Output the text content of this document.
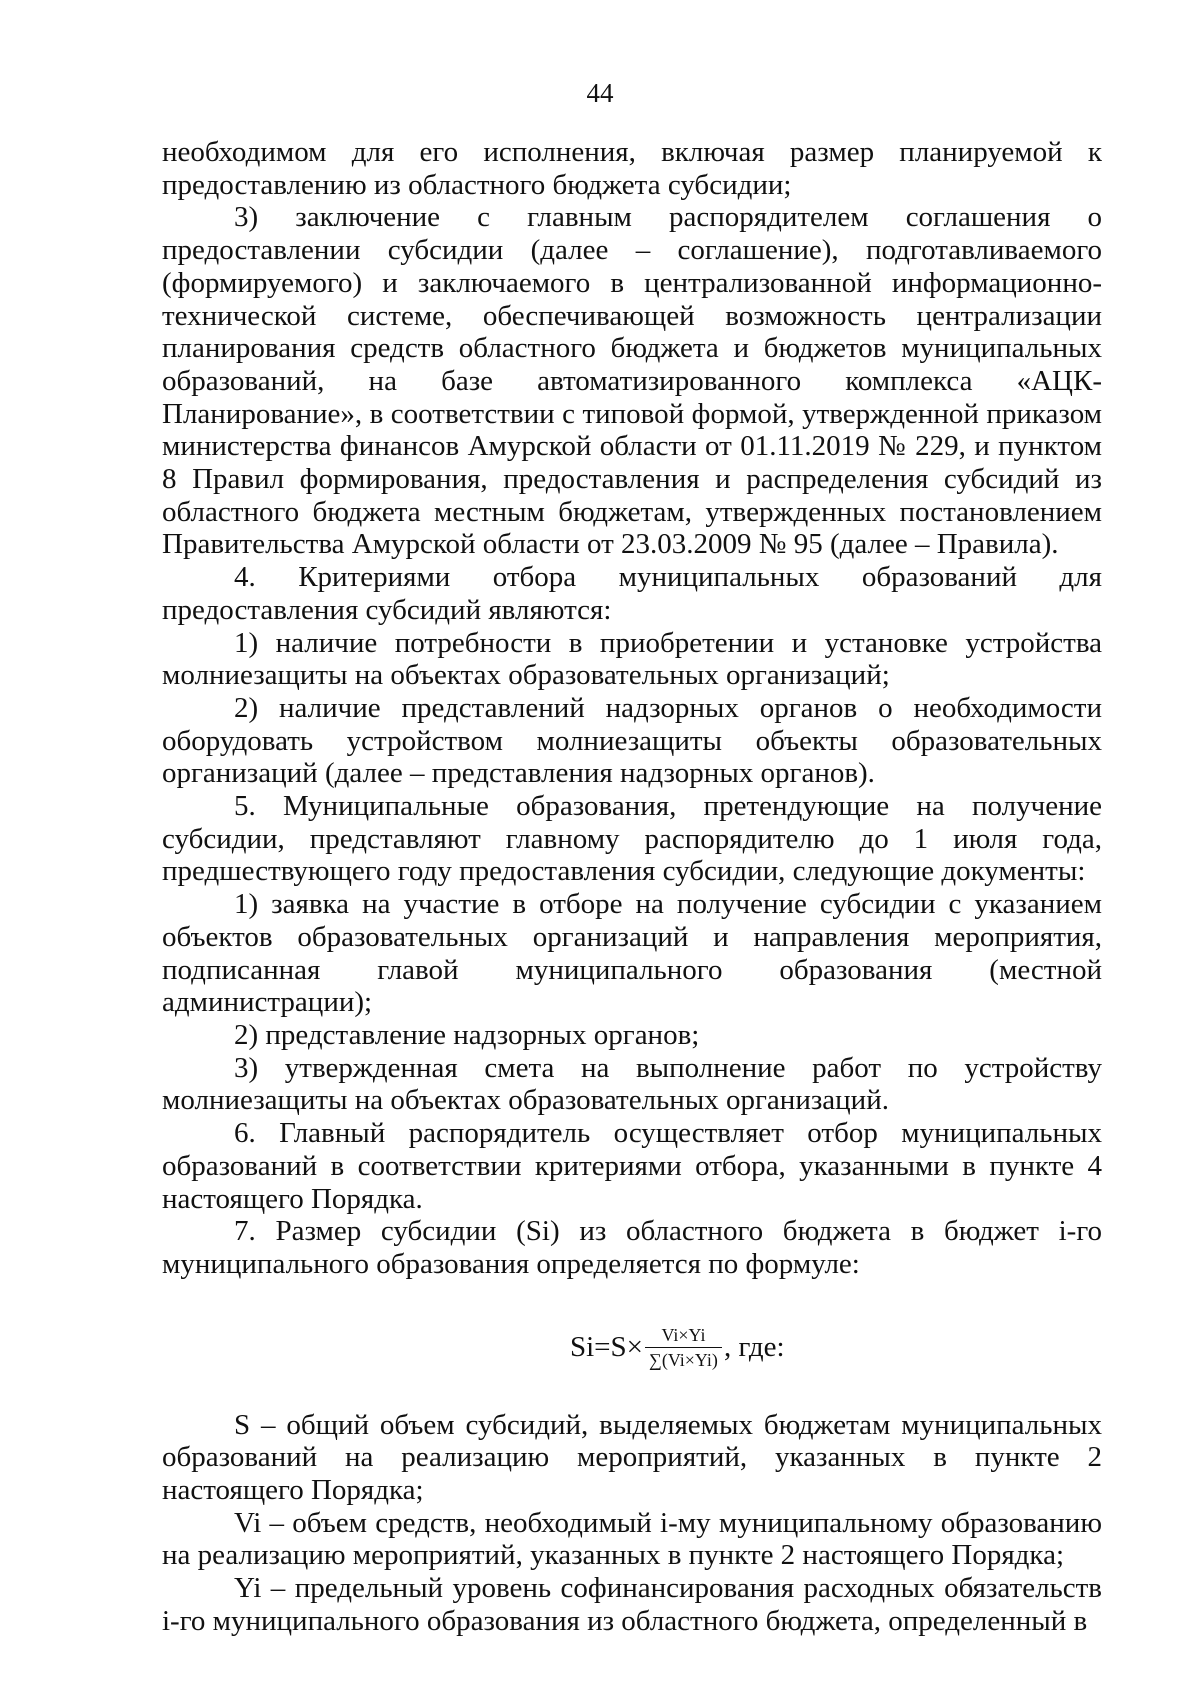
44

необходимом для его исполнения, включая размер планируемой к предоставлению из областного бюджета субсидии;

3) заключение с главным распорядителем соглашения о предоставлении субсидии (далее – соглашение), подготавливаемого (формируемого) и заключаемого в централизованной информационно-технической системе, обеспечивающей возможность централизации планирования средств областного бюджета и бюджетов муниципальных образований, на базе автоматизированного комплекса «АЦК-Планирование», в соответствии с типовой формой, утвержденной приказом министерства финансов Амурской области от 01.11.2019 № 229, и пунктом 8 Правил формирования, предоставления и распределения субсидий из областного бюджета местным бюджетам, утвержденных постановлением Правительства Амурской области от 23.03.2009 № 95 (далее – Правила).

4. Критериями отбора муниципальных образований для предоставления субсидий являются:

1) наличие потребности в приобретении и установке устройства молниезащиты на объектах образовательных организаций;

2) наличие представлений надзорных органов о необходимости оборудовать устройством молниезащиты объекты образовательных организаций (далее – представления надзорных органов).

5. Муниципальные образования, претендующие на получение субсидии, представляют главному распорядителю до 1 июля года, предшествующего году предоставления субсидии, следующие документы:

1) заявка на участие в отборе на получение субсидии с указанием объектов образовательных организаций и направления мероприятия, подписанная главой муниципального образования (местной администрации);

2) представление надзорных органов;

3) утвержденная смета на выполнение работ по устройству молниезащиты на объектах образовательных организаций.

6. Главный распорядитель осуществляет отбор муниципальных образований в соответствии критериями отбора, указанными в пункте 4 настоящего Порядка.

7. Размер субсидии (Si) из областного бюджета в бюджет i-го муниципального образования определяется по формуле:

$Si=S\times \frac{Vi\times Yi}{\sum(Vi\times Yi)}$ , где:

S – общий объем субсидий, выделяемых бюджетам муниципальных образований на реализацию мероприятий, указанных в пункте 2 настоящего Порядка;

Vi – объем средств, необходимый i-му муниципальному образованию на реализацию мероприятий, указанных в пункте 2 настоящего Порядка;

Yi – предельный уровень софинансирования расходных обязательств i-го муниципального образования из областного бюджета, определенный в
